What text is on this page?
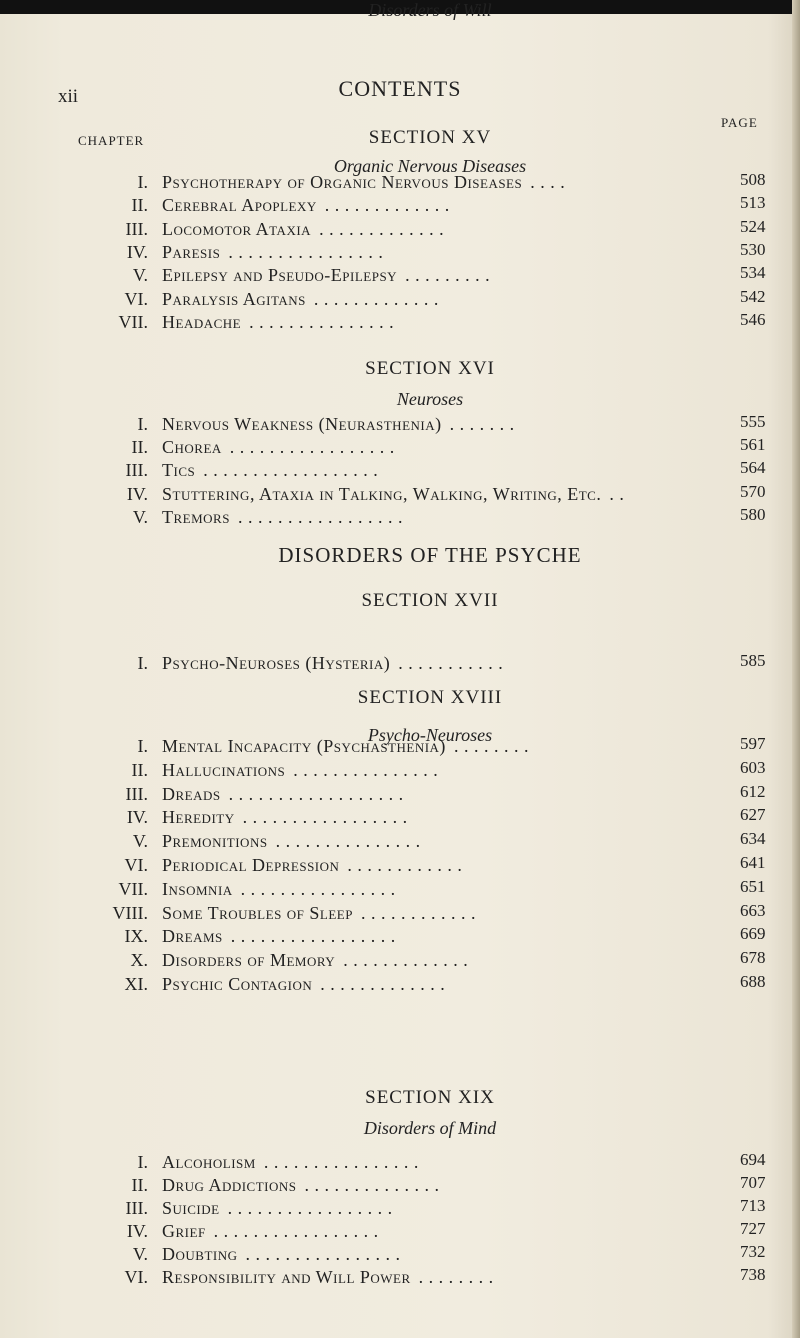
xii	CONTENTS
CHAPTER
PAGE
SECTION XV
Organic Nervous Diseases
I. Psychotherapy of Organic Nervous Diseases . . . .	508
II. Cerebral Apoplexy . . . . . . . . . . . . .	513
III. Locomotor Ataxia . . . . . . . . . . . . .	524
IV. Paresis . . . . . . . . . . . . . . . .	530
V. Epilepsy and Pseudo-Epilepsy . . . . . . . . .	534
VI. Paralysis Agitans . . . . . . . . . . . . .	542
VII. Headache . . . . . . . . . . . . . . .	546
SECTION XVI
Neuroses
I. Nervous Weakness (Neurasthenia) . . . . . . .	555
II. Chorea . . . . . . . . . . . . . . . . .	561
III. Tics . . . . . . . . . . . . . . . . . .	564
IV. Stuttering, Ataxia in Talking, Walking, Writing, Etc. . .	570
V. Tremors . . . . . . . . . . . . . . . . .	580
DISORDERS OF THE PSYCHE
SECTION XVII
Psycho-Neuroses
I. Psycho-Neuroses (Hysteria) . . . . . . . . . . .	585
SECTION XVIII
Disorders of Mind
I. Mental Incapacity (Psychasthenia) . . . . . . . .	597
II. Hallucinations . . . . . . . . . . . . . . .	603
III. Dreads . . . . . . . . . . . . . . . . . .	612
IV. Heredity . . . . . . . . . . . . . . . . .	627
V. Premonitions . . . . . . . . . . . . . . .	634
VI. Periodical Depression . . . . . . . . . . . .	641
VII. Insomnia . . . . . . . . . . . . . . . .	651
VIII. Some Troubles of Sleep . . . . . . . . . . . .	663
IX. Dreams . . . . . . . . . . . . . . . . .	669
X. Disorders of Memory . . . . . . . . . . . . .	678
XI. Psychic Contagion . . . . . . . . . . . . .	688
SECTION XIX
Disorders of Will
I. Alcoholism . . . . . . . . . . . . . . . .	694
II. Drug Addictions . . . . . . . . . . . . . .	707
III. Suicide . . . . . . . . . . . . . . . . .	713
IV. Grief . . . . . . . . . . . . . . . . .	727
V. Doubting . . . . . . . . . . . . . . . .	732
VI. Responsibility and Will Power . . . . . . . .	738
